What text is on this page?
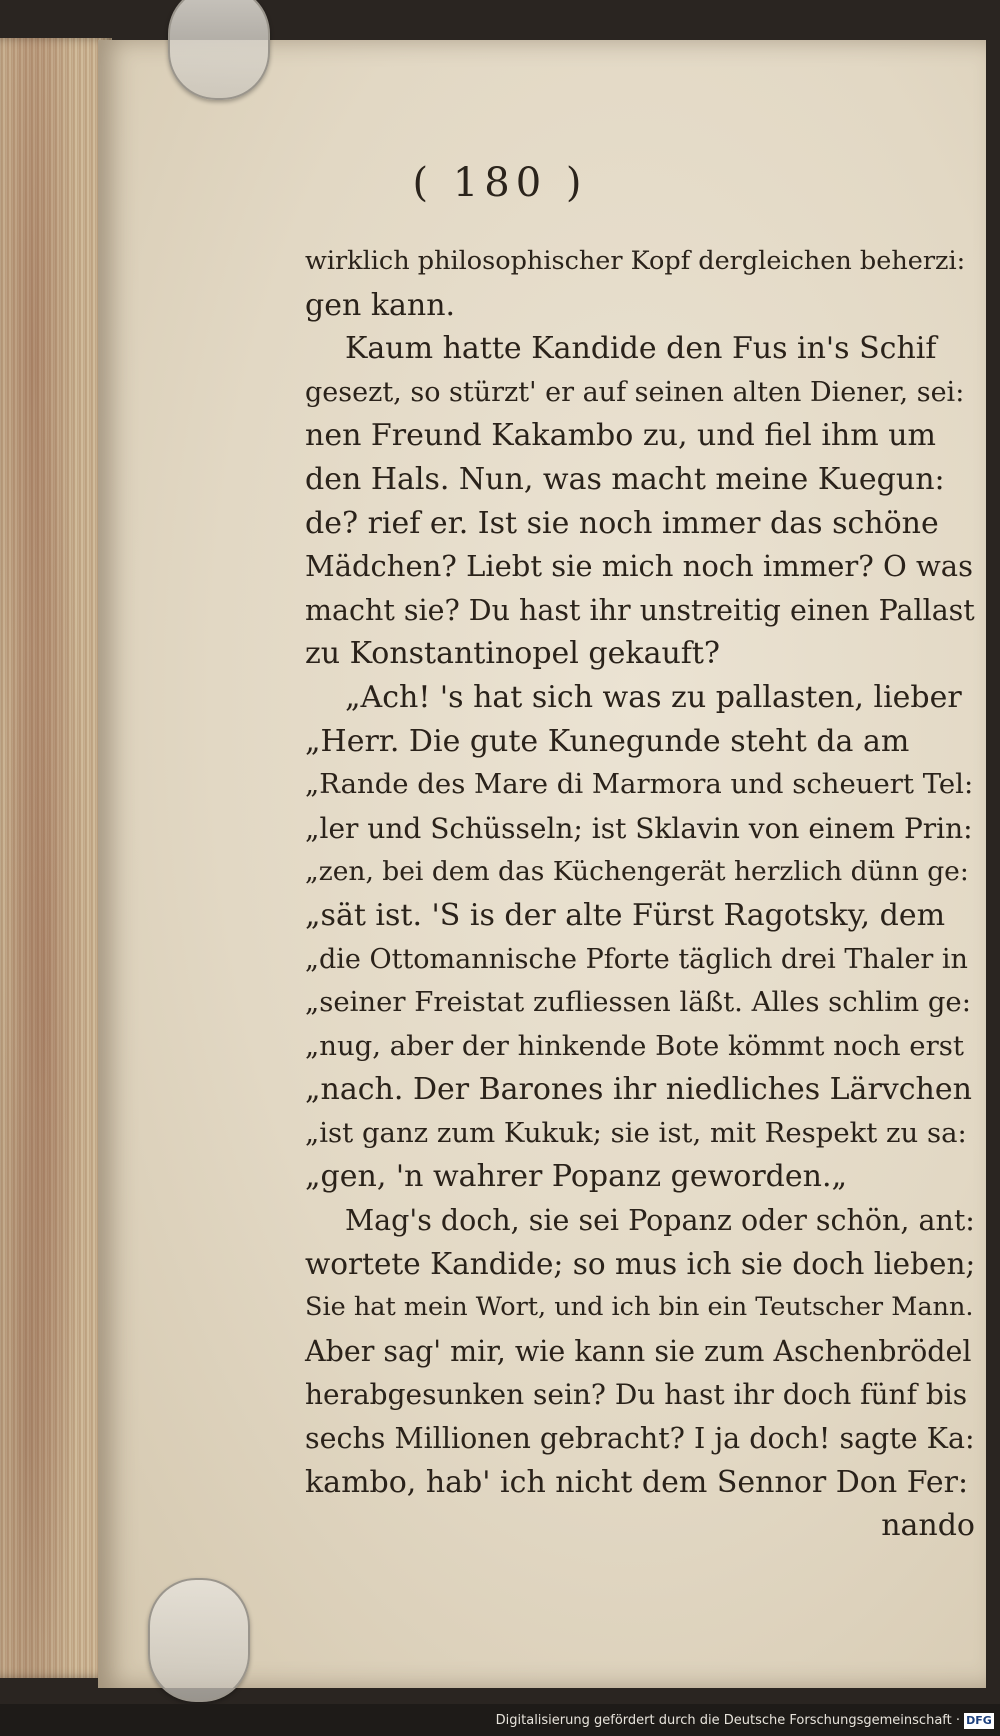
( 180 )
wirklich philosophischer Kopf dergleichen beherzi:
gen kann.
Kaum hatte Kandide den Fus in's Schif
gesezt, so stürzt' er auf seinen alten Diener, sei:
nen Freund Kakambo zu, und fiel ihm um
den Hals. Nun, was macht meine Kuegun:
de? rief er. Ist sie noch immer das schöne
Mädchen? Liebt sie mich noch immer? O was
macht sie? Du hast ihr unstreitig einen Pallast
zu Konstantinopel gekauft?
„Ach! 's hat sich was zu pallasten, lieber
„Herr. Die gute Kunegunde steht da am
„Rande des Mare di Marmora und scheuert Tel:
„ler und Schüsseln; ist Sklavin von einem Prin:
„zen, bei dem das Küchengerät herzlich dünn ge:
„sät ist. 'S is der alte Fürst Ragotsky, dem
„die Ottomannische Pforte täglich drei Thaler in
„seiner Freistat zufliessen läßt. Alles schlim ge:
„nug, aber der hinkende Bote kömmt noch erst
„nach. Der Barones ihr niedliches Lärvchen
„ist ganz zum Kukuk; sie ist, mit Respekt zu sa:
„gen, 'n wahrer Popanz geworden.„
Mag's doch, sie sei Popanz oder schön, ant:
wortete Kandide; so mus ich sie doch lieben;
Sie hat mein Wort, und ich bin ein Teutscher Mann.
Aber sag' mir, wie kann sie zum Aschenbrödel
herabgesunken sein? Du hast ihr doch fünf bis
sechs Millionen gebracht? I ja doch! sagte Ka:
kambo, hab' ich nicht dem Sennor Don Fer:
nando
Digitalisierung gefördert durch die Deutsche Forschungsgemeinschaft · DFG
